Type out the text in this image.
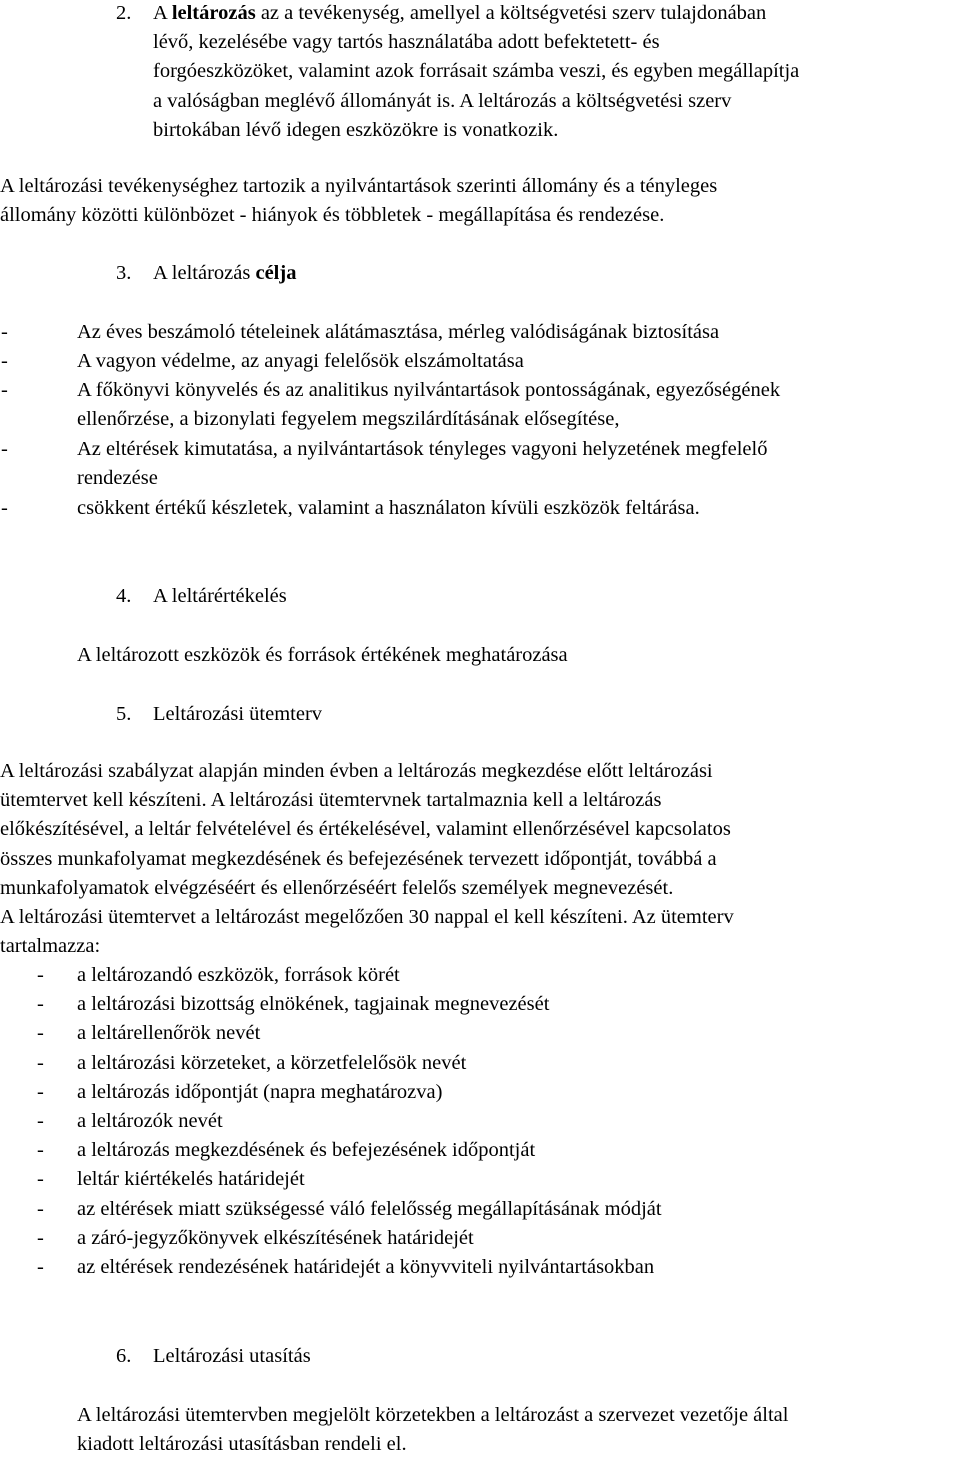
2. A leltározás az a tevékenység, amellyel a költségvetési szerv tulajdonában
lévő, kezelésébe vagy tartós használatába adott befektetett- és
forgóeszközöket, valamint azok forrásait számba veszi, és egyben megállapítja
a valóságban meglévő állományát is. A leltározás a költségvetési szerv
birtokában lévő idegen eszközökre is vonatkozik.
A leltározási tevékenységhez tartozik a nyilvántartások szerinti állomány és a tényleges
állomány közötti különbözet - hiányok és többletek - megállapítása és rendezése.
3. A leltározás célja
-	Az éves beszámoló tételeinek alátámasztása, mérleg valódiságának biztosítása
-	A vagyon védelme, az anyagi felelősök elszámoltatása
-	A főkönyvi könyvelés és az analitikus nyilvántartások pontosságának, egyezőségének
ellenőrzése, a bizonylati fegyelem megszilárdításának elősegítése,
-	Az eltérések kimutatása, a nyilvántartások tényleges vagyoni helyzetének megfelelő
rendezése
-	csökkent értékű készletek, valamint a használaton kívüli eszközök feltárása.
4. A leltárértékelés
A leltározott eszközök és források értékének meghatározása
5. Leltározási ütemterv
A leltározási szabályzat alapján minden évben a leltározás megkezdése előtt leltározási
ütemtervet kell készíteni. A leltározási ütemtervnek tartalmaznia kell a leltározás
előkészítésével, a leltár felvételével és értékelésével, valamint ellenőrzésével kapcsolatos
összes munkafolyamat megkezdésének és befejezésének tervezett időpontját, továbbá a
munkafolyamatok elvégzéséért és ellenőrzéséért felelős személyek megnevezését.
A leltározási ütemtervet a leltározást megelőzően 30 nappal el kell készíteni. Az ütemterv
tartalmazza:
- a leltározandó eszközök, források körét
- a leltározási bizottság elnökének, tagjainak megnevezését
- a leltárellenőrök nevét
- a leltározási körzeteket, a körzetfelelősök nevét
- a leltározás időpontját (napra meghatározva)
- a leltározók nevét
- a leltározás megkezdésének és befejezésének időpontját
- leltár kiértékelés határidejét
- az eltérések miatt szükségessé váló felelősség megállapításának módját
- a záró-jegyzőkönyvek elkészítésének határidejét
- az eltérések rendezésének határidejét a könyvviteli nyilvántartásokban
6. Leltározási utasítás
A leltározási ütemtervben megjelölt körzetekben a leltározást a szervezet vezetője által
kiadott leltározási utasításban rendeli el.
